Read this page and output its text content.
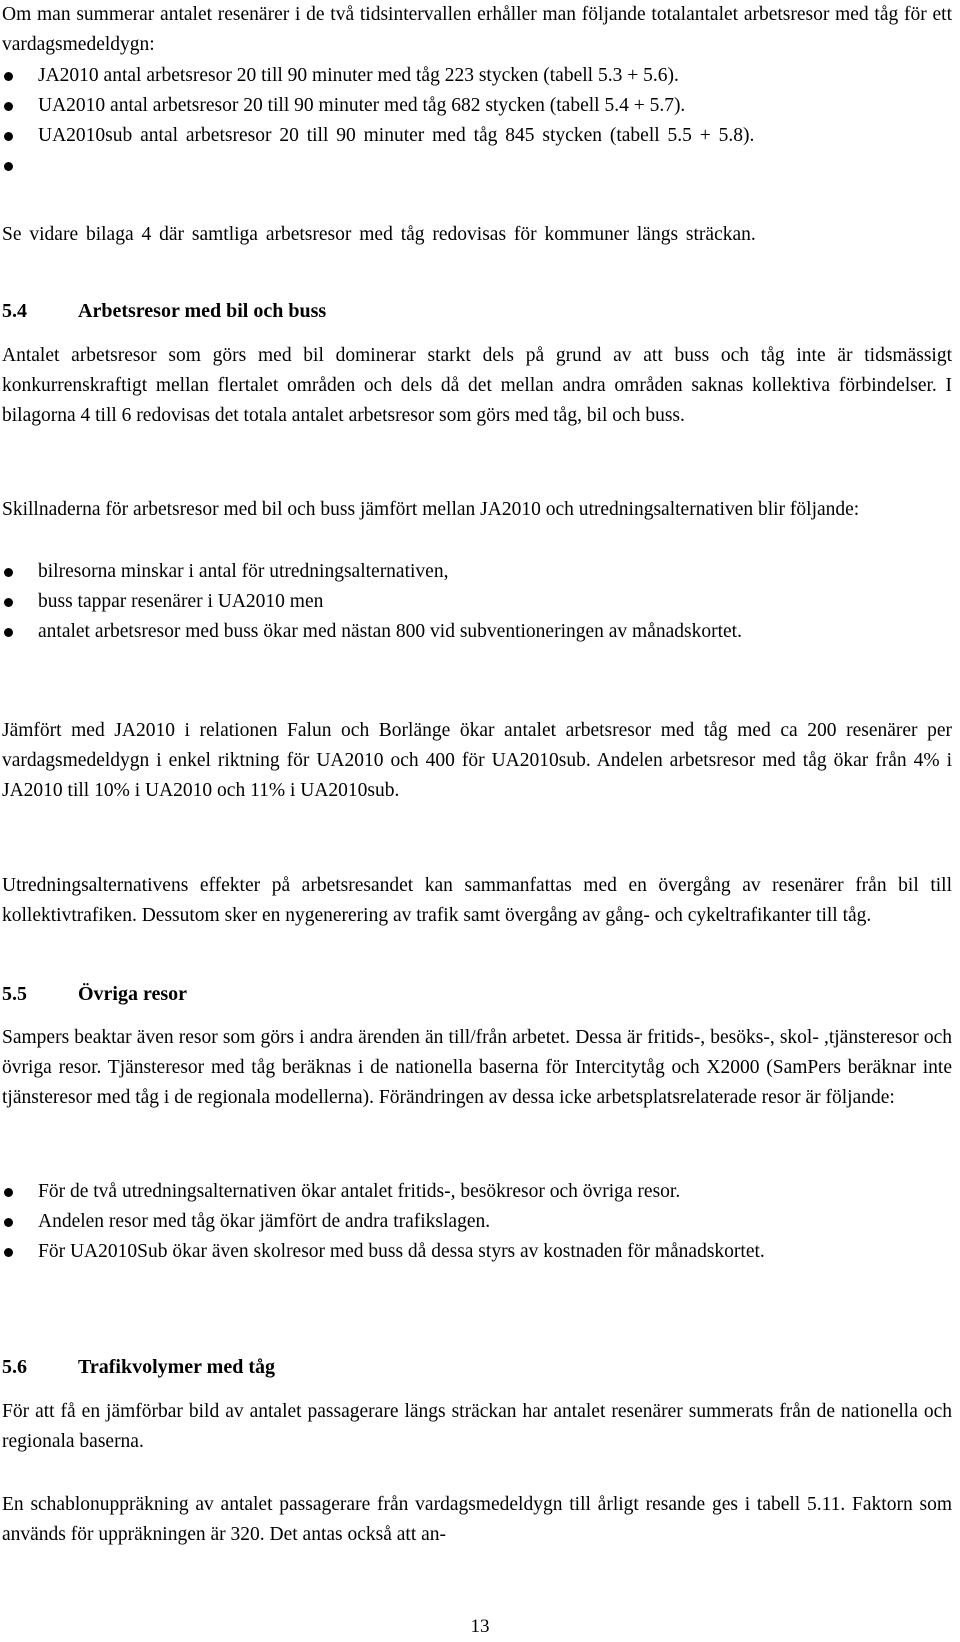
Om man summerar antalet resenärer i de två tidsintervallen erhåller man följande totalantalet arbetsresor med tåg för ett vardagsmedeldygn:

JA2010 antal arbetsresor 20 till 90 minuter med tåg 223 stycken (tabell 5.3 + 5.6).
UA2010 antal arbetsresor 20 till 90 minuter med tåg 682 stycken (tabell 5.4 + 5.7).
UA2010sub antal arbetsresor 20 till 90 minuter med tåg 845 stycken (tabell 5.5 + 5.8).

Se vidare bilaga 4 där samtliga arbetsresor med tåg redovisas för kommuner längs sträckan.

5.4	Arbetsresor med bil och buss

Antalet arbetsresor som görs med bil dominerar starkt dels på grund av att buss och tåg inte är tidsmässigt konkurrenskraftigt mellan flertalet områden och dels då det mellan andra områden saknas kollektiva förbindelser. I bilagorna 4 till 6 redovisas det totala antalet arbetsresor som görs med tåg, bil och buss.

Skillnaderna för arbetsresor med bil och buss jämfört mellan JA2010 och utredningsalternativen blir följande:

bilresorna minskar i antal för utredningsalternativen,
buss tappar resenärer i UA2010 men
antalet arbetsresor med buss ökar med nästan 800 vid subventioneringen av månadskortet.

Jämfört med JA2010 i relationen Falun och Borlänge ökar antalet arbetsresor med tåg med ca 200 resenärer per vardagsmedeldygn i enkel riktning för UA2010 och 400 för UA2010sub. Andelen arbetsresor med tåg ökar från 4% i JA2010 till 10% i UA2010 och 11% i UA2010sub.

Utredningsalternativens effekter på arbetsresandet kan sammanfattas med en övergång av resenärer från bil till kollektivtrafiken. Dessutom sker en nygenerering av trafik samt övergång av gång- och cykeltrafikanter till tåg.

5.5	Övriga resor

Sampers beaktar även resor som görs i andra ärenden än till/från arbetet. Dessa är fritids-, besöks-, skol- ,tjänsteresor och övriga resor. Tjänsteresor med tåg beräknas i de nationella baserna för Intercitytåg och X2000 (SamPers beräknar inte tjänsteresor med tåg i de regionala modellerna). Förändringen av dessa icke arbetsplatsrelaterade resor är följande:

För de två utredningsalternativen ökar antalet fritids-, besökresor och övriga resor.
Andelen resor med tåg ökar jämfört de andra trafikslagen.
För UA2010Sub ökar även skolresor med buss då dessa styrs av kostnaden för månadskortet.
5.6	Trafikvolymer med tåg

För att få en jämförbar bild av antalet passagerare längs sträckan har antalet resenärer summerats från de nationella och regionala baserna.

En schablonuppräkning av antalet passagerare från vardagsmedeldygn till årligt resande ges i tabell 5.11. Faktorn som används för uppräkningen är 320. Det antas också att an-

13
